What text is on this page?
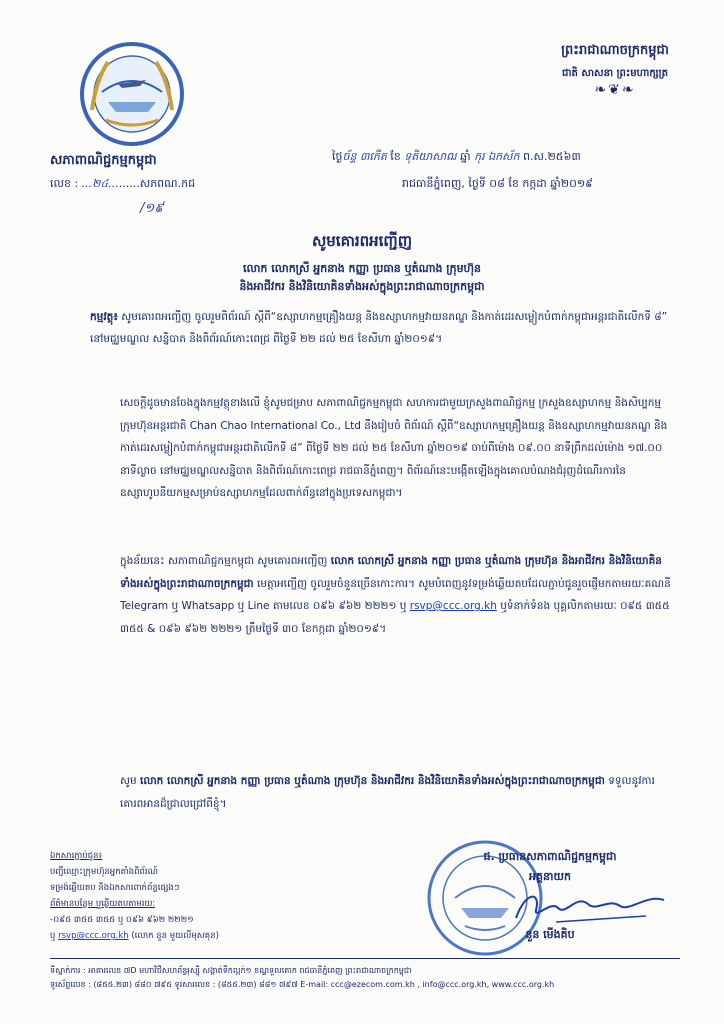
ព្រះរាជាណាចក្រកម្ពុជា
ជាតិ សាសនា ព្រះមហាក្សត្រ
❧❦❧
សភាពាណិជ្ជកម្មកម្ពុជា
លេខ : ...២៤.........សភពណ.កជ
/១៩
ថ្ងៃច័ន្ទ ៣កើត ខែ ទុតិយាសាឍ ឆ្នាំ កុរ ឯកស័ក ព.ស.២៥៦៣
រាជធានីភ្នំពេញ, ថ្ងៃទី ០៨ ខែ កក្កដា ឆ្នាំ២០១៩
សូមគោរពអញ្ជើញ
លោក លោកស្រី អ្នកនាង កញ្ញា ប្រធាន ឬតំណាង ក្រុមហ៊ុន
និងអាជីវករ និងវិនិយោគិនទាំងអស់ក្នុងព្រះរាជាណាចក្រកម្ពុជា
កម្មវត្ថុ៖ សូមគោរពអញ្ជើញ ចូលរួមពិព័រណ៍ ស្តីពី“ឧស្សាហកម្មគ្រឿងយន្ត និងឧស្សាហកម្មវាយនភណ្ឌ និងកាត់ដេរសម្លៀកបំពាក់កម្ពុជាអន្តរជាតិលើកទី ៨” នៅមជ្ឈមណ្ឌល សន្និបាត និងពិព័រណ៍កោះពេជ្រ ពីថ្ងៃទី ២២ ដល់ ២៥ ខែសីហា ឆ្នាំ២០១៩។
សេចក្តីដូចមានចែងក្នុងកម្មវត្ថុខាងលើ ខ្ញុំសូមជម្រាប សភាពាណិជ្ជកម្មកម្ពុជា សហការជាមួយក្រសួងពាណិជ្ជកម្ម ក្រសួងឧស្សាហកម្ម និងសិប្បកម្ម ក្រុមហ៊ុនអន្តរជាតិ Chan Chao International Co., Ltd នឹងរៀបចំ ពិព័រណ៍ ស្តីពី“ឧស្សាហកម្មគ្រឿងយន្ត និងឧស្សាហកម្មវាយនភណ្ឌ និងកាត់ដេរសម្លៀកបំពាក់កម្ពុជាអន្តរជាតិលើកទី ៨” ពីថ្ងៃទី ២២ ដល់ ២៥ ខែសីហា ឆ្នាំ២០១៩ ចាប់ពីម៉ោង ០៩.០០ នាទីព្រឹកដល់ម៉ោង ១៧.០០ នាទីល្ងាច នៅមជ្ឈមណ្ឌលសន្និបាត និងពិព័រណ៍កោះពេជ្រ រាជធានីភ្នំពេញ។ ពិព័រណ៍នេះបង្កើតឡើងក្នុងគោលបំណងជំរុញដំណើរការនៃឧស្សាហូបនីយកម្មសម្រាប់ឧស្សាហកម្មដែលពាក់ព័ន្ធនៅក្នុងប្រទេសកម្ពុជា។
ក្នុងន័យនេះ សភាពាណិជ្ជកម្មកម្ពុជា សូមគោរពអញ្ជើញ លោក លោកស្រី អ្នកនាង កញ្ញា ប្រធាន ឬតំណាង ក្រុមហ៊ុន និងអាជីវករ និងវិនិយោគិនទាំងអស់ក្នុងព្រះរាជាណាចក្រកម្ពុជា មេត្តាអញ្ជើញ ចូលរួមចំនួនច្រើនកោះការ។ សូមបំពេញនូវទម្រង់ឆ្លើយតបដែលភ្ជាប់ជូនរួចផ្ញើមកតាមរយៈគណនី Telegram ឬ Whatsapp ឬ Line តាមលេខ ០៩៦ ៩៦២ ២២២១ ឬ rsvp@ccc.org.kh ឬទំនាក់ទំនង បុគ្គលិកតាមរយៈ ០៩៥ ៣៥៥ ៣៥៥ & ០៩៦ ៩៦២ ២២២១ ត្រឹមថ្ងៃទី ៣០ ខែកក្កដា ឆ្នាំ២០១៩។
សូម លោក លោកស្រី អ្នកនាង កញ្ញា ប្រធាន ឬតំណាង ក្រុមហ៊ុន និងអាជីវករ និងវិនិយោគិនទាំងអស់ក្នុងព្រះរាជាណាចក្រកម្ពុជា ទទួលនូវការគោរពអានដ៏ជ្រាលជ្រៅពីខ្ញុំ។
ឯកសារភ្ជាប់ជូន៖
បញ្ជីឈ្មោះក្រុមហ៊ុនអ្នកតាំងពិព័រណ៍
ទម្រង់ឆ្លើយតប និងឯកសារពាក់ព័ន្ធផ្សេងៗ
ព័ត៌មានបន្ថែម ឬឆ្លើយតបតាមរយៈ
-០៩៥ ៣៥៥ ៣៥៥ ឬ ០៩៦ ៩៦២ ២២២១
ឬ rsvp@ccc.org.kh (លោក នួន មួយលីមុសគុន)
ជ. ប្រធានសភាពាណិជ្ជកម្មកម្ពុជា
អគ្គនាយក
នួន មើងគិប
ទីស្នាក់ការ : អាគារលេខ ៧D មហាវិថីសហព័ន្ធរុស្ស៊ី សង្កាត់ទឹកល្អក់១ ខណ្ឌទួលគោក រាជធានីភ្នំពេញ ព្រះរាជាណាចក្រកម្ពុជា
ទូរស័ព្ទលេខ : (៨៥៥.២៣) ៨៨០ ៧៩៥ ទូរសារលេខ : (៨៥៥.២៣) ៨៨១ ៧៩៧ E-mail: ccc@ezecom.com.kh , info@ccc.org.kh, www.ccc.org.kh
